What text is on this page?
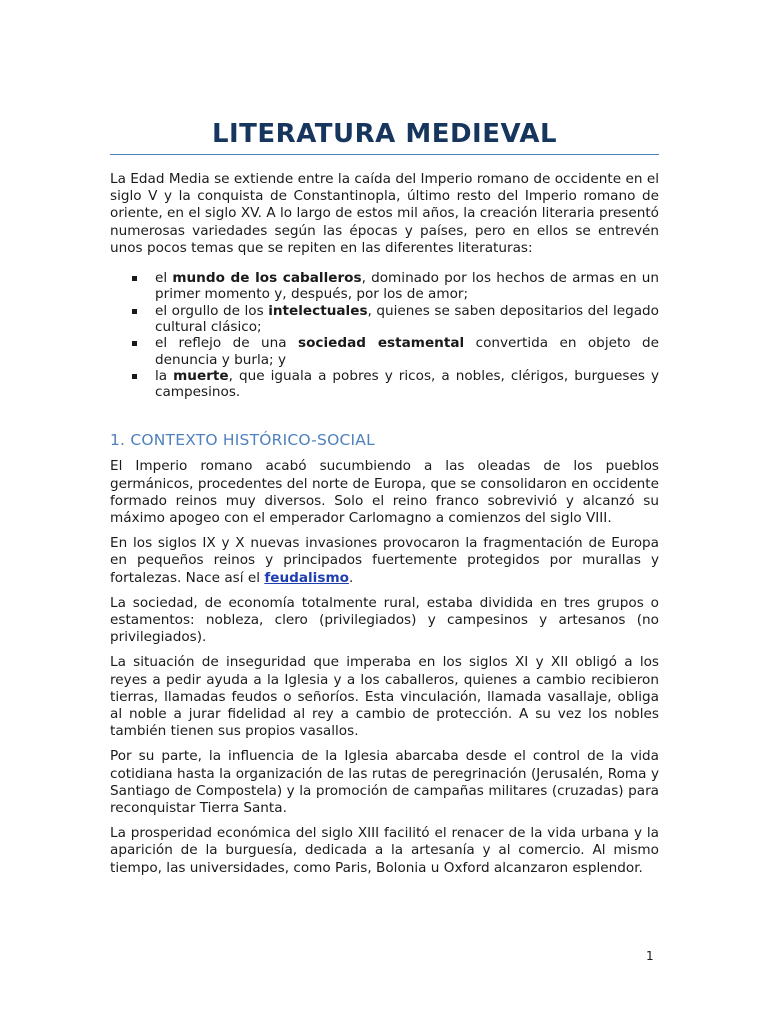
LITERATURA MEDIEVAL

La Edad Media se extiende entre la caída del Imperio romano de occidente en el siglo V y la conquista de Constantinopla, último resto del Imperio romano de oriente, en el siglo XV. A lo largo de estos mil años, la creación literaria presentó numerosas variedades según las épocas y países, pero en ellos se entrevén unos pocos temas que se repiten en las diferentes literaturas:

el mundo de los caballeros, dominado por los hechos de armas en un primer momento y, después, por los de amor;
el orgullo de los intelectuales, quienes se saben depositarios del legado cultural clásico;
el reflejo de una sociedad estamental convertida en objeto de denuncia y burla; y
la muerte, que iguala a pobres y ricos, a nobles, clérigos, burgueses y campesinos.
1. CONTEXTO HISTÓRICO-SOCIAL

El Imperio romano acabó sucumbiendo a las oleadas de los pueblos germánicos, procedentes del norte de Europa, que se consolidaron en occidente formado reinos muy diversos. Solo el reino franco sobrevivió y alcanzó su máximo apogeo con el emperador Carlomagno a comienzos del siglo VIII.

En los siglos IX y X nuevas invasiones provocaron la fragmentación de Europa en pequeños reinos y principados fuertemente protegidos por murallas y fortalezas. Nace así el feudalismo.

La sociedad, de economía totalmente rural, estaba dividida en tres grupos o estamentos: nobleza, clero (privilegiados) y campesinos y artesanos (no privilegiados).

La situación de inseguridad que imperaba en los siglos XI y XII obligó a los reyes a pedir ayuda a la Iglesia y a los caballeros, quienes a cambio recibieron tierras, llamadas feudos o señoríos. Esta vinculación, llamada vasallaje, obliga al noble a jurar fidelidad al rey a cambio de protección. A su vez los nobles también tienen sus propios vasallos.

Por su parte, la influencia de la Iglesia abarcaba desde el control de la vida cotidiana hasta la organización de las rutas de peregrinación (Jerusalén, Roma y Santiago de Compostela) y la promoción de campañas militares (cruzadas) para reconquistar Tierra Santa.

La prosperidad económica del siglo XIII facilitó el renacer de la vida urbana y la aparición de la burguesía, dedicada a la artesanía y al comercio. Al mismo tiempo, las universidades, como Paris, Bolonia u Oxford alcanzaron esplendor.

1
